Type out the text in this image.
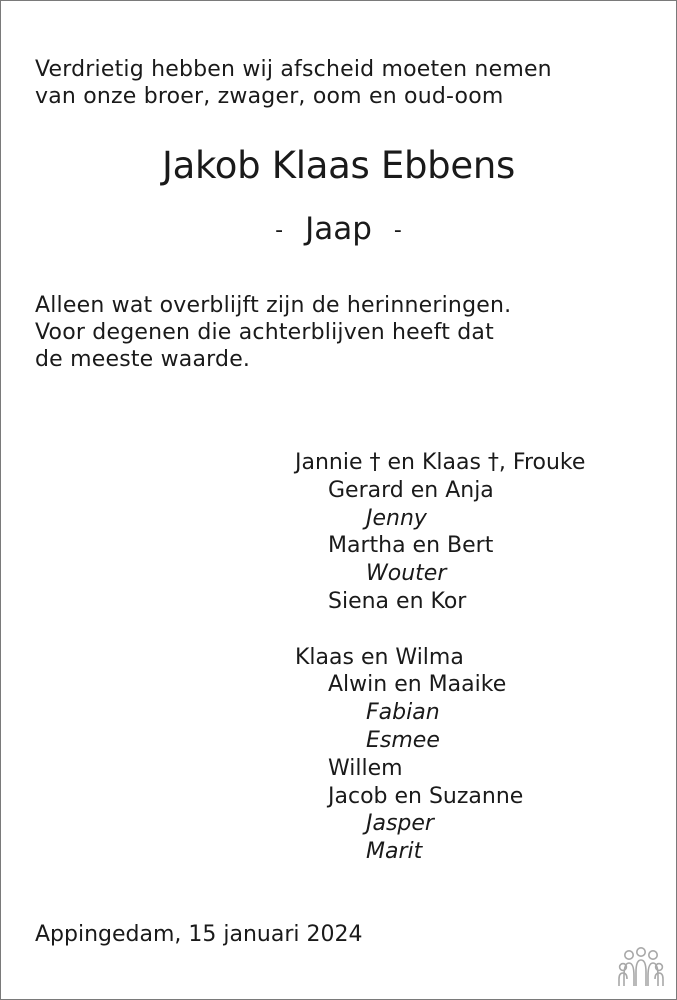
Verdrietig hebben wij afscheid moeten nemen
van onze broer, zwager, oom en oud-oom

Jakob Klaas Ebbens

- Jaap -

Alleen wat overblijft zijn de herinneringen.
Voor degenen die achterblijven heeft dat
de meeste waarde.

Jannie † en Klaas †, Frouke
Gerard en Anja
Jenny
Martha en Bert
Wouter
Siena en Kor
Klaas en Wilma
Alwin en Maaike
Fabian
Esmee
Willem
Jacob en Suzanne
Jasper
Marit

Appingedam, 15 januari 2024
